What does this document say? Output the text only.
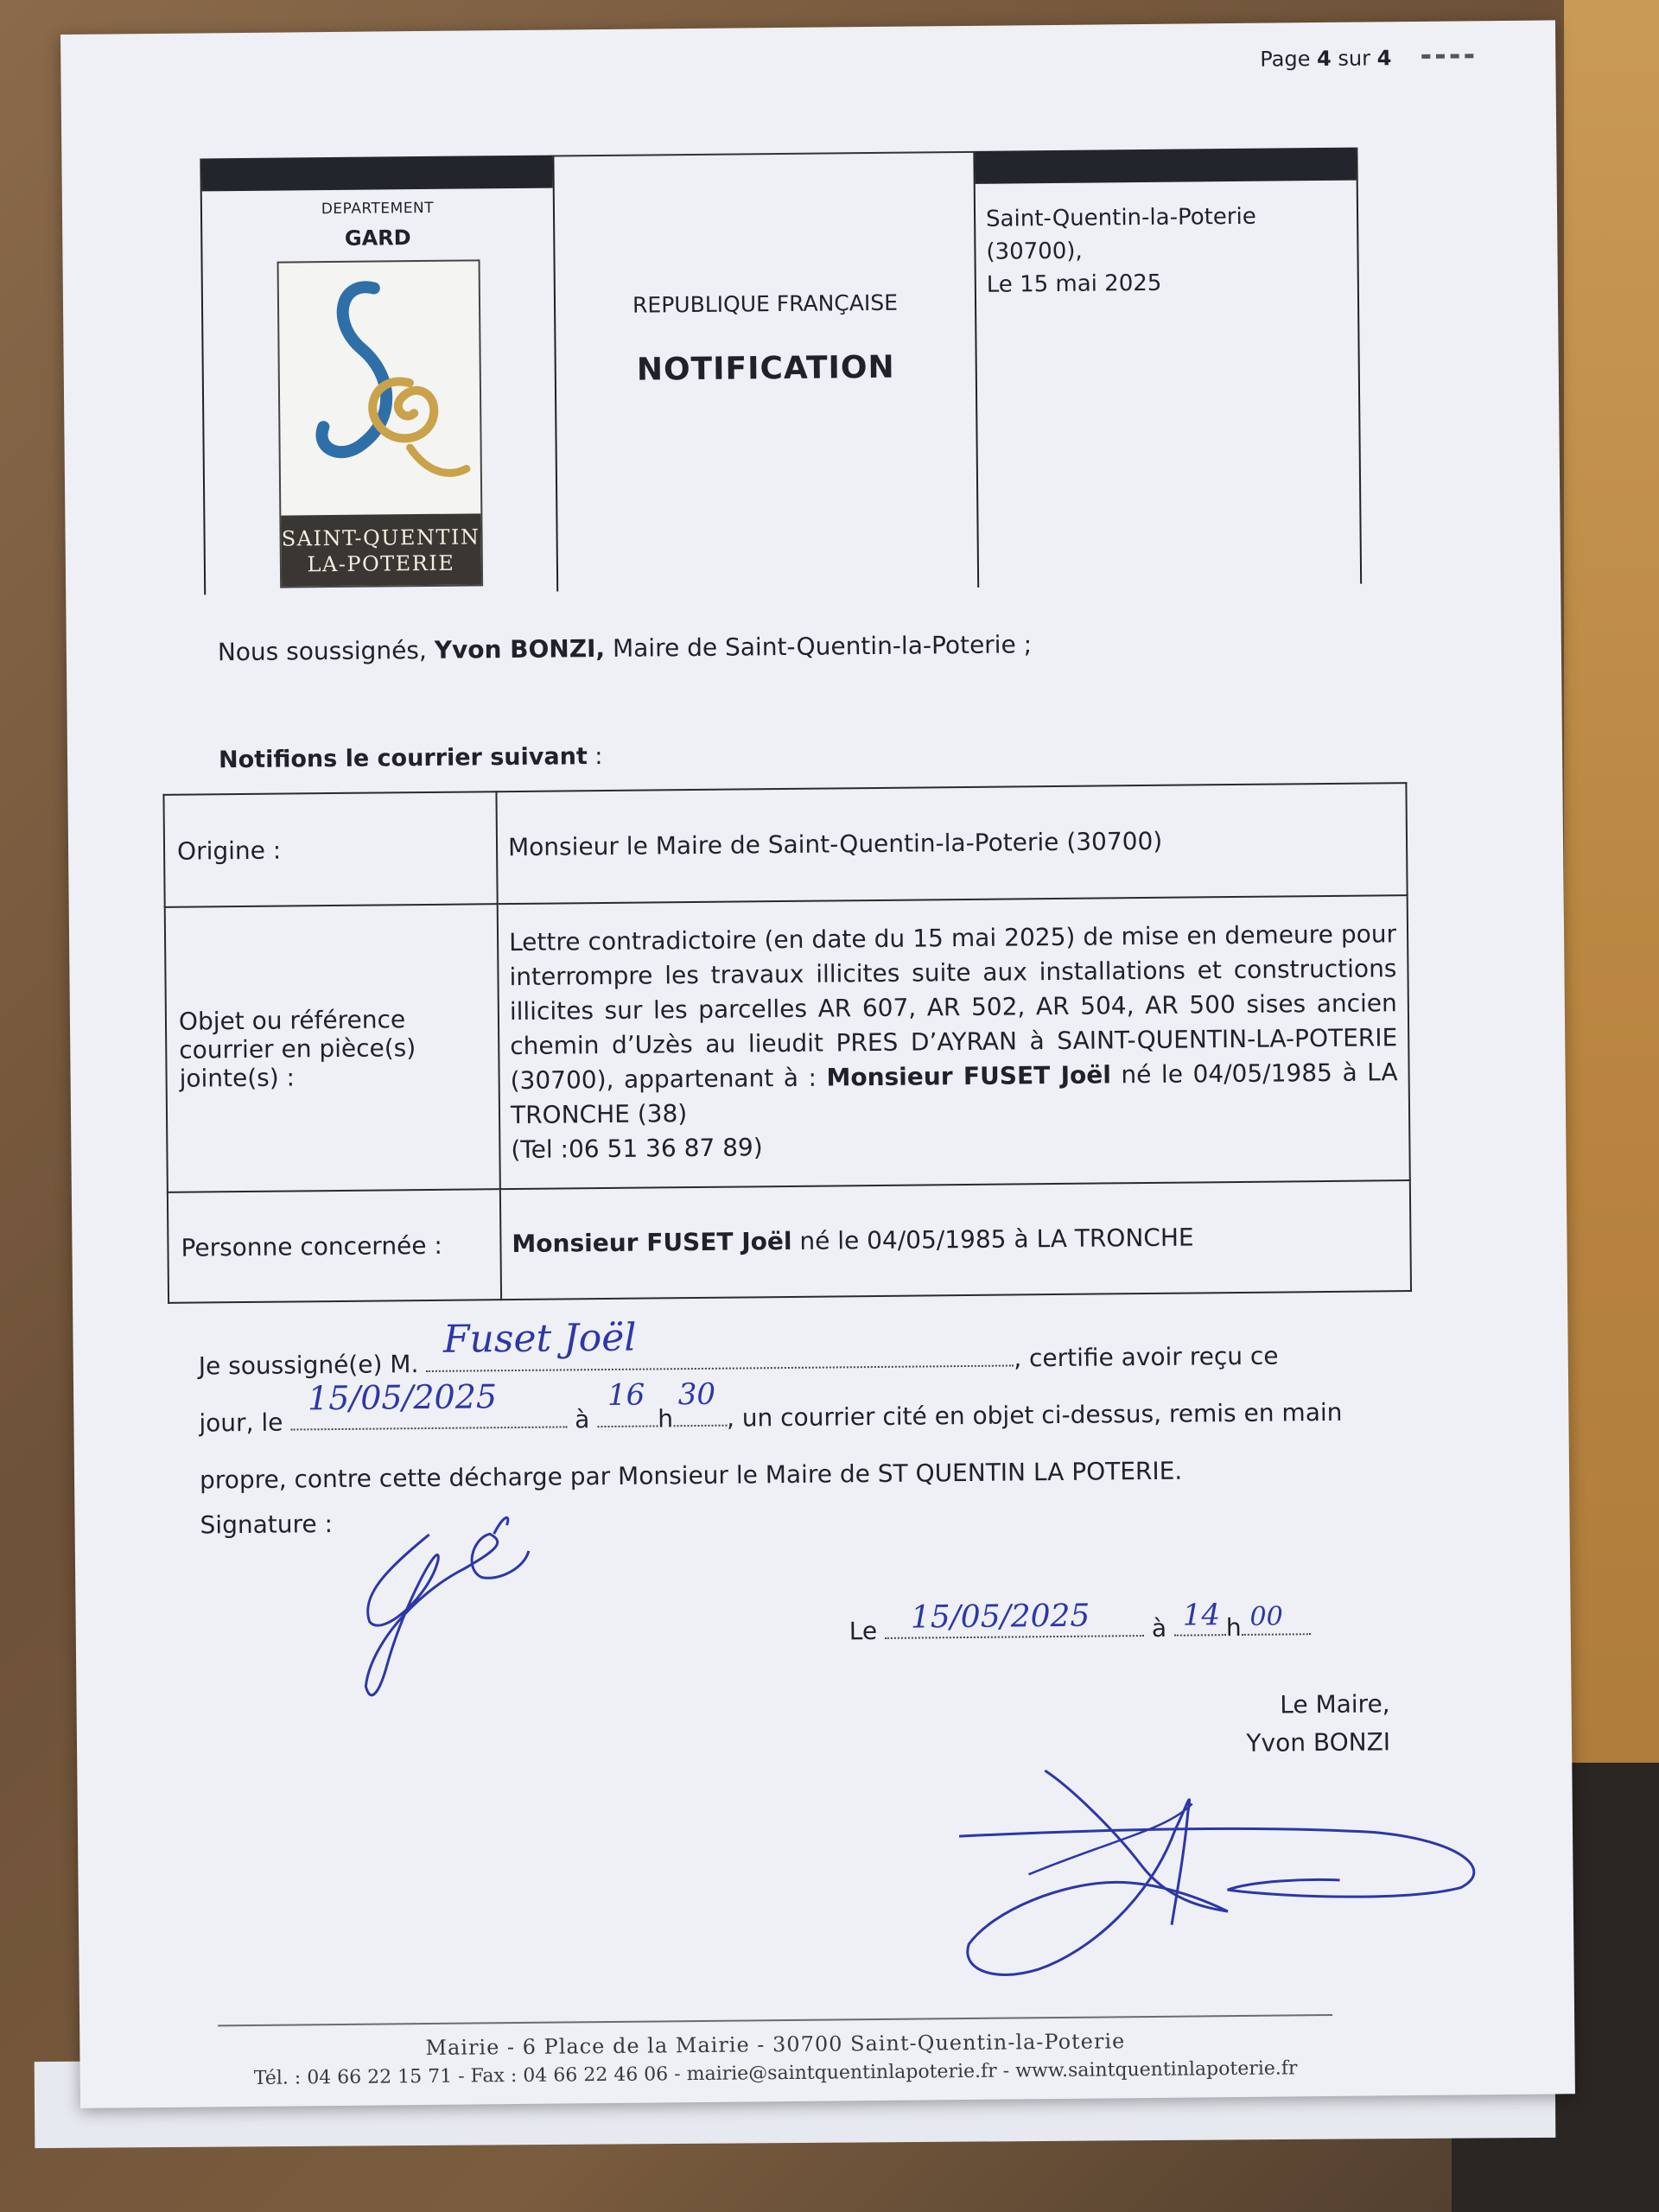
Page 4 sur 4
DEPARTEMENT
GARD
SAINT-QUENTIN
LA-POTERIE
REPUBLIQUE FRANÇAISE
NOTIFICATION
Saint-Quentin-la-Poterie (30700),
Le 15 mai 2025
Nous soussignés, Yvon BONZI, Maire de Saint-Quentin-la-Poterie ;
Notifions le courrier suivant :
Origine :	Monsieur le Maire de Saint-Quentin-la-Poterie (30700)
Objet ou référence courrier en pièce(s) jointe(s) :	Lettre contradictoire (en date du 15 mai 2025) de mise en demeure pour interrompre les travaux illicites suite aux installations et constructions illicites sur les parcelles AR 607, AR 502, AR 504, AR 500 sises ancien chemin d’Uzès au lieudit PRES D’AYRAN à SAINT-QUENTIN-LA-POTERIE (30700), appartenant à : Monsieur FUSET Joël né le 04/05/1985 à LA TRONCHE (38)
(Tel :06 51 36 87 89)

Personne concernée :	Monsieur FUSET Joël né le 04/05/1985 à LA TRONCHE
Je soussigné(e) M.
Fuset Joël	, certifie avoir reçu ce
jour, le
15/05/2025
à
16
h
30
, un courrier cité en objet ci-dessus, remis en main
propre, contre cette décharge par Monsieur le Maire de ST QUENTIN LA POTERIE.
Signature :
Le 15/05/2025 à 14 h 00
Le Maire,
Yvon BONZI
Mairie - 6 Place de la Mairie - 30700 Saint-Quentin-la-Poterie
Tél. : 04 66 22 15 71 - Fax : 04 66 22 46 06 - mairie@saintquentinlapoterie.fr - www.saintquentinlapoterie.fr
